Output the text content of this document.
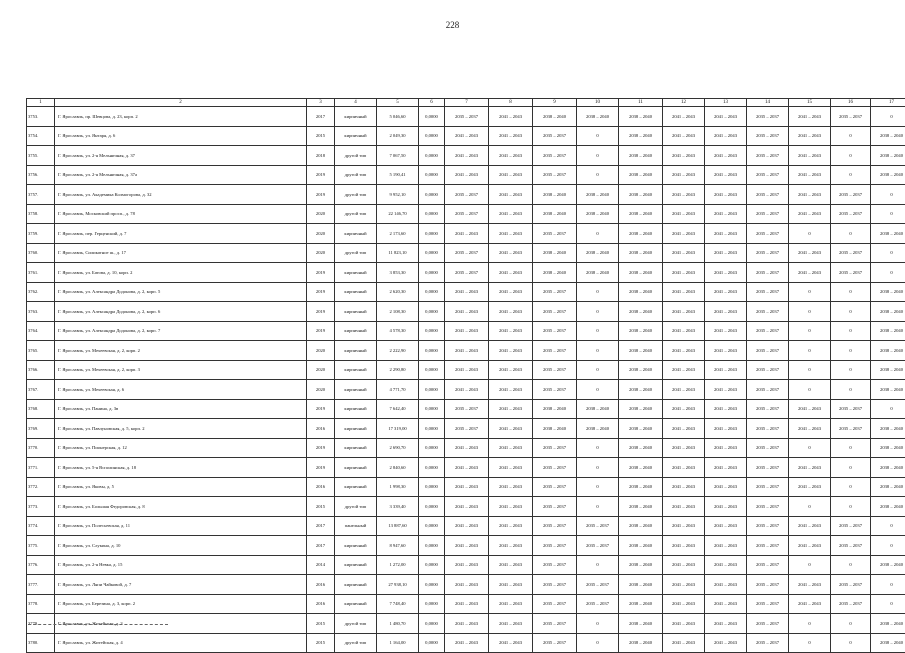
228
1	2	3	4	5	6	7	8	9	10	11	12	13	14	15	16	17
3753.	Г. Ярославль, пр. Шевцова, д. 23, корп. 2	2017	кирпичный	5 046,60	0,0000	2035 – 2037	2041 – 2043	2038 – 2040	2038 – 2040	2038 – 2040	2041 – 2043	2041 – 2043	2035 – 2037	2041 – 2043	2035 – 2037	0
3754.	Г. Ярославль, ул. Янтаря, д. 6	2015	кирпичный	2 049,30	0,0000	2041 – 2043	2041 – 2043	2035 – 2037	0	2038 – 2040	2041 – 2043	2041 – 2043	2035 – 2037	2041 – 2043	0	2038 – 2040
3755.	Г. Ярославль, ул. 2-я Мельничная, д. 37	2018	другой тип	7 067,50	0,0000	2041 – 2043	2041 – 2043	2035 – 2037	0	2038 – 2040	2041 – 2043	2041 – 2043	2035 – 2037	2041 – 2043	0	2038 – 2040
3756.	Г. Ярославль, ул. 2-я Мельничная, д. 37а	2019	другой тип	5 190,41	0,0000	2041 – 2043	2041 – 2043	2035 – 2037	0	2038 – 2040	2041 – 2043	2041 – 2043	2035 – 2037	2041 – 2043	0	2038 – 2040
3757.	Г. Ярославль, ул. Академика Колмогорова, д. 32	2019	другой тип	9 952,10	0,0000	2035 – 2037	2041 – 2043	2038 – 2040	2038 – 2040	2038 – 2040	2041 – 2043	2041 – 2043	2035 – 2037	2041 – 2043	2035 – 2037	0
3758.	Г. Ярославль, Московский просп., д. 78	2020	другой тип	22 146,70	0,0000	2035 – 2037	2041 – 2043	2038 – 2040	2038 – 2040	2038 – 2040	2041 – 2043	2041 – 2043	2035 – 2037	2041 – 2043	2035 – 2037	0
3759.	Г. Ярославль, пер. Герценский, д. 7	2020	кирпичный	2 173,60	0,0000	2041 – 2043	2041 – 2043	2035 – 2037	0	2038 – 2040	2041 – 2043	2041 – 2043	2035 – 2037	0	0	2038 – 2040
3760.	Г. Ярославль, Силикатное ш., д. 17	2020	другой тип	11 823,10	0,0000	2035 – 2037	2041 – 2043	2038 – 2040	2038 – 2040	2038 – 2040	2041 – 2043	2041 – 2043	2035 – 2037	2041 – 2043	2035 – 2037	0
3761.	Г. Ярославль, ул. Батова, д. 10, корп. 2	2019	кирпичный	3 853,30	0,0000	2035 – 2037	2041 – 2043	2038 – 2040	2038 – 2040	2038 – 2040	2041 – 2043	2041 – 2043	2035 – 2037	2041 – 2043	2035 – 2037	0
3762.	Г. Ярославль, ул. Александра Додонова, д. 2, корп. 5	2019	кирпичный	2 620,30	0,0000	2041 – 2043	2041 – 2043	2035 – 2037	0	2038 – 2040	2041 – 2043	2041 – 2043	2035 – 2037	0	0	2038 – 2040
3763.	Г. Ярославль, ул. Александра Додонова, д. 2, корп. 6	2019	кирпичный	2 108,30	0,0000	2041 – 2043	2041 – 2043	2035 – 2037	0	2038 – 2040	2041 – 2043	2041 – 2043	2035 – 2037	0	0	2038 – 2040
3764.	Г. Ярославль, ул. Александра Додонова, д. 2, корп. 7	2019	кирпичный	4 578,30	0,0000	2041 – 2043	2041 – 2043	2035 – 2037	0	2038 – 2040	2041 – 2043	2041 – 2043	2035 – 2037	0	0	2038 – 2040
3765.	Г. Ярославль, ул. Мехеевская, д. 2, корп. 2	2020	кирпичный	2 222,90	0,0000	2041 – 2043	2041 – 2043	2035 – 2037	0	2038 – 2040	2041 – 2043	2041 – 2043	2035 – 2037	0	0	2038 – 2040
3766.	Г. Ярославль, ул. Мехеевская, д. 2, корп. 3	2020	кирпичный	2 290,80	0,0000	2041 – 2043	2041 – 2043	2035 – 2037	0	2038 – 2040	2041 – 2043	2041 – 2043	2035 – 2037	0	0	2038 – 2040
3767.	Г. Ярославль, ул. Мехеевская, д. 6	2020	кирпичный	4 771,70	0,0000	2041 – 2043	2041 – 2043	2035 – 2037	0	2038 – 2040	2041 – 2043	2041 – 2043	2035 – 2037	0	0	2038 – 2040
3768.	Г. Ярославль, ул. Панина, д. 3в	2019	кирпичный	7 642,40	0,0000	2035 – 2037	2041 – 2043	2038 – 2040	2038 – 2040	2038 – 2040	2041 – 2043	2041 – 2043	2035 – 2037	2041 – 2043	2035 – 2037	0
3769.	Г. Ярославль, ул. Павлуновская, д. 5, корп. 2	2016	кирпичный	17 319,00	0,0000	2035 – 2037	2041 – 2043	2038 – 2040	2038 – 2040	2038 – 2040	2041 – 2043	2041 – 2043	2035 – 2037	2041 – 2043	2035 – 2037	2038 – 2040
3770.	Г. Ярославль, ул. Пионерская, д. 12	2019	кирпичный	2 690,70	0,0000	2041 – 2043	2041 – 2043	2035 – 2037	0	2038 – 2040	2041 – 2043	2041 – 2043	2035 – 2037	0	0	2038 – 2040
3771.	Г. Ярославль, ул. 5-я Всполинская, д. 18	2019	кирпичный	2 840,60	0,0000	2041 – 2043	2041 – 2043	2035 – 2037	0	2038 – 2040	2041 – 2043	2041 – 2043	2035 – 2037	2041 – 2043	0	2038 – 2040
3772.	Г. Ярославль, ул. Яковы, д. 5	2016	кирпичный	1 998,30	0,0000	2041 – 2043	2041 – 2043	2035 – 2037	0	2038 – 2040	2041 – 2043	2041 – 2043	2035 – 2037	2041 – 2043	0	2038 – 2040
3773.	Г. Ярославль, ул. Большая Федоровская, д. 8	2015	другой тип	3 339,40	0,0000	2041 – 2043	2041 – 2043	2035 – 2037	0	2038 – 2040	2041 – 2043	2041 – 2043	2035 – 2037	0	0	2038 – 2040
3774.	Г. Ярославль, ул. Полесьевская, д. 11	2017	панельный	13 887,60	0,0000	2041 – 2043	2041 – 2043	2035 – 2037	2035 – 2037	2038 – 2040	2041 – 2043	2041 – 2043	2035 – 2037	2041 – 2043	2035 – 2037	0
3775.	Г. Ярославль, ул. Слукина, д. 10	2017	кирпичный	8 947,60	0,0000	2041 – 2043	2041 – 2043	2035 – 2037	2035 – 2037	2038 – 2040	2041 – 2043	2041 – 2043	2035 – 2037	2041 – 2043	2035 – 2037	0
3776.	Г. Ярославль, ул. 2-я Невка, д. 15	2014	кирпичный	1 272,00	0,0000	2041 – 2043	2041 – 2043	2035 – 2037	0	2038 – 2040	2041 – 2043	2041 – 2043	2035 – 2037	0	0	2038 – 2040
3777.	Г. Ярославль, ул. Ляпи Чайковой, д. 7	2016	кирпичный	27 938,10	0,0000	2041 – 2043	2041 – 2043	2035 – 2037	2035 – 2037	2038 – 2040	2041 – 2043	2041 – 2043	2035 – 2037	2041 – 2043	2035 – 2037	0
3778.	Г. Ярославль, ул. Березина, д. 3, корп. 2	2016	кирпичный	7 748,40	0,0000	2041 – 2043	2041 – 2043	2035 – 2037	2035 – 2037	2038 – 2040	2041 – 2043	2041 – 2043	2035 – 2037	2041 – 2043	2035 – 2037	0
3779.	Г. Ярославль, ул. Житейская, д. 3	2015	другой тип	1 480,70	0,0000	2041 – 2043	2041 – 2043	2035 – 2037	0	2038 – 2040	2041 – 2043	2041 – 2043	2035 – 2037	0	0	2038 – 2040
3780.	Г. Ярославль, ул. Житейская, д. 4	2015	другой тип	1 164,00	0,0000	2041 – 2043	2041 – 2043	2035 – 2037	0	2038 – 2040	2041 – 2043	2041 – 2043	2035 – 2037	0	0	2038 – 2040
